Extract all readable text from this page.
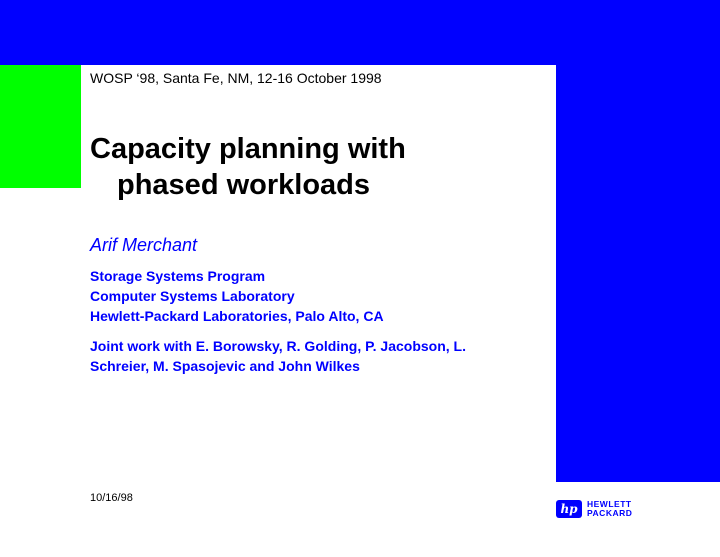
WOSP ‘98, Santa Fe, NM, 12-16 October 1998
Capacity planning with
phased workloads
Arif Merchant
Storage Systems Program
Computer Systems Laboratory
Hewlett-Packard Laboratories, Palo Alto, CA
Joint work with E. Borowsky, R. Golding, P. Jacobson, L.
Schreier, M. Spasojevic and John Wilkes
10/16/98
hp HEWLETT
PACKARD
